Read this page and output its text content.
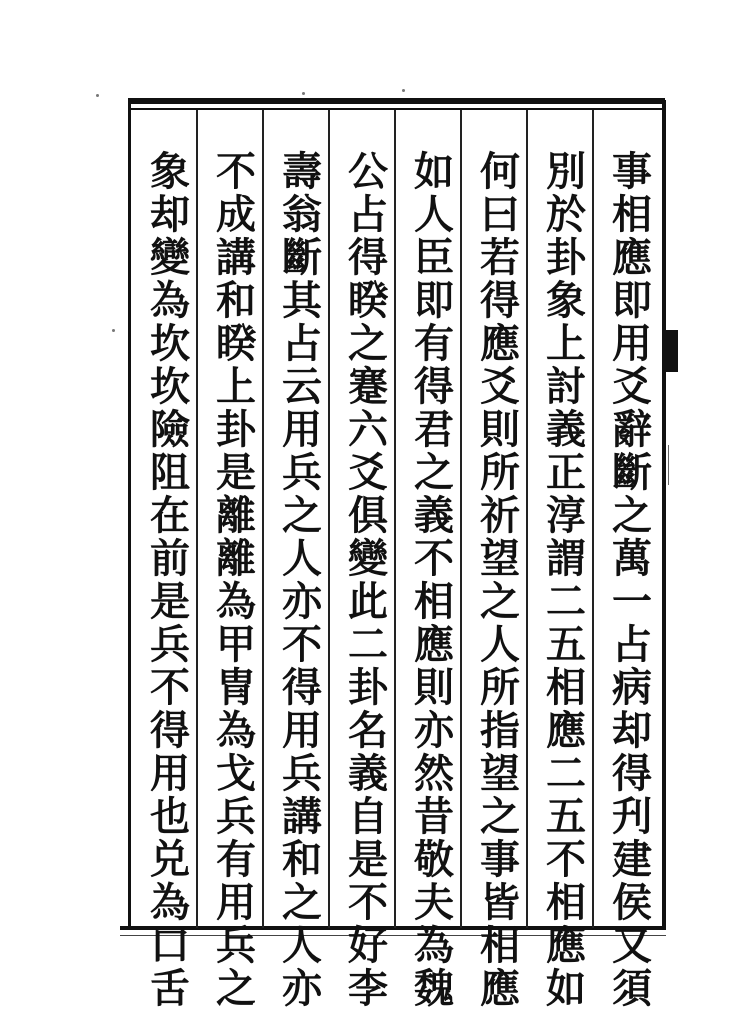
事
相
應
即
用
爻
辭
斷
之
萬
一
占
病
却
得
刋
建
侯
又
須
別
於
卦
象
上
討
義
正
淳
謂
二
五
相
應
二
五
不
相
應
如
何
曰
若
得
應
爻
則
所
祈
望
之
人
所
指
望
之
事
皆
相
應
如
人
臣
即
有
得
君
之
義
不
相
應
則
亦
然
昔
敬
夫
為
魏
公
占
得
睽
之
蹇
六
爻
俱
變
此
二
卦
名
義
自
是
不
好
李
壽
翁
斷
其
占
云
用
兵
之
人
亦
不
得
用
兵
講
和
之
人
亦
不
成
講
和
睽
上
卦
是
離
離
為
甲
冑
為
戈
兵
有
用
兵
之
象
却
變
為
坎
坎
險
阻
在
前
是
兵
不
得
用
也
兑
為
口
舌
